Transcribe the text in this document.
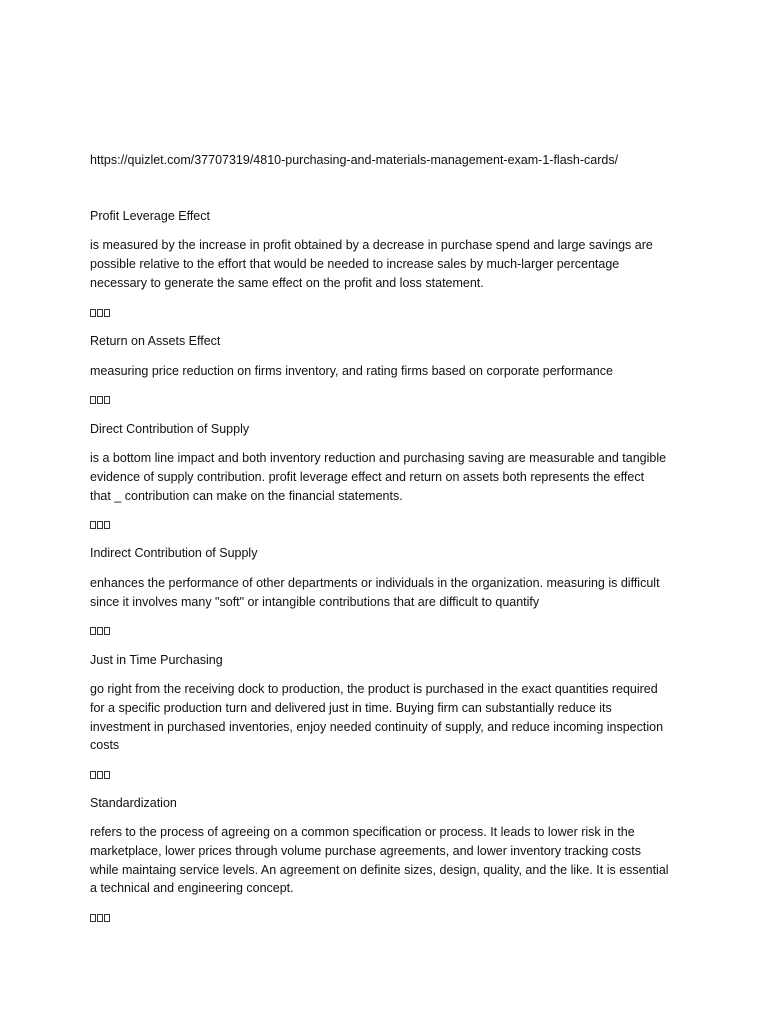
https://quizlet.com/37707319/4810-purchasing-and-materials-management-exam-1-flash-cards/
Profit Leverage Effect

is measured by the increase in profit obtained by a decrease in purchase spend and large savings are

possible relative to the effort that would be needed to increase sales by much-larger percentage

necessary to generate the same effect on the profit and loss statement.

Return on Assets Effect

measuring price reduction on firms inventory, and rating firms based on corporate performance

Direct Contribution of Supply

is a bottom line impact and both inventory reduction and purchasing saving are measurable and tangible

evidence of supply contribution. profit leverage effect and return on assets both represents the effect

that _ contribution can make on the financial statements.

Indirect Contribution of Supply

enhances the performance of other departments or individuals in the organization. measuring is difficult

since it involves many "soft" or intangible contributions that are difficult to quantify

Just in Time Purchasing

go right from the receiving dock to production, the product is purchased in the exact quantities required

for a specific production turn and delivered just in time. Buying firm can substantially reduce its

investment in purchased inventories, enjoy needed continuity of supply, and reduce incoming inspection

costs

Standardization

refers to the process of agreeing on a common specification or process. It leads to lower risk in the

marketplace, lower prices through volume purchase agreements, and lower inventory tracking costs

while maintaing service levels. An agreement on definite sizes, design, quality, and the like. It is essential

a technical and engineering concept.
